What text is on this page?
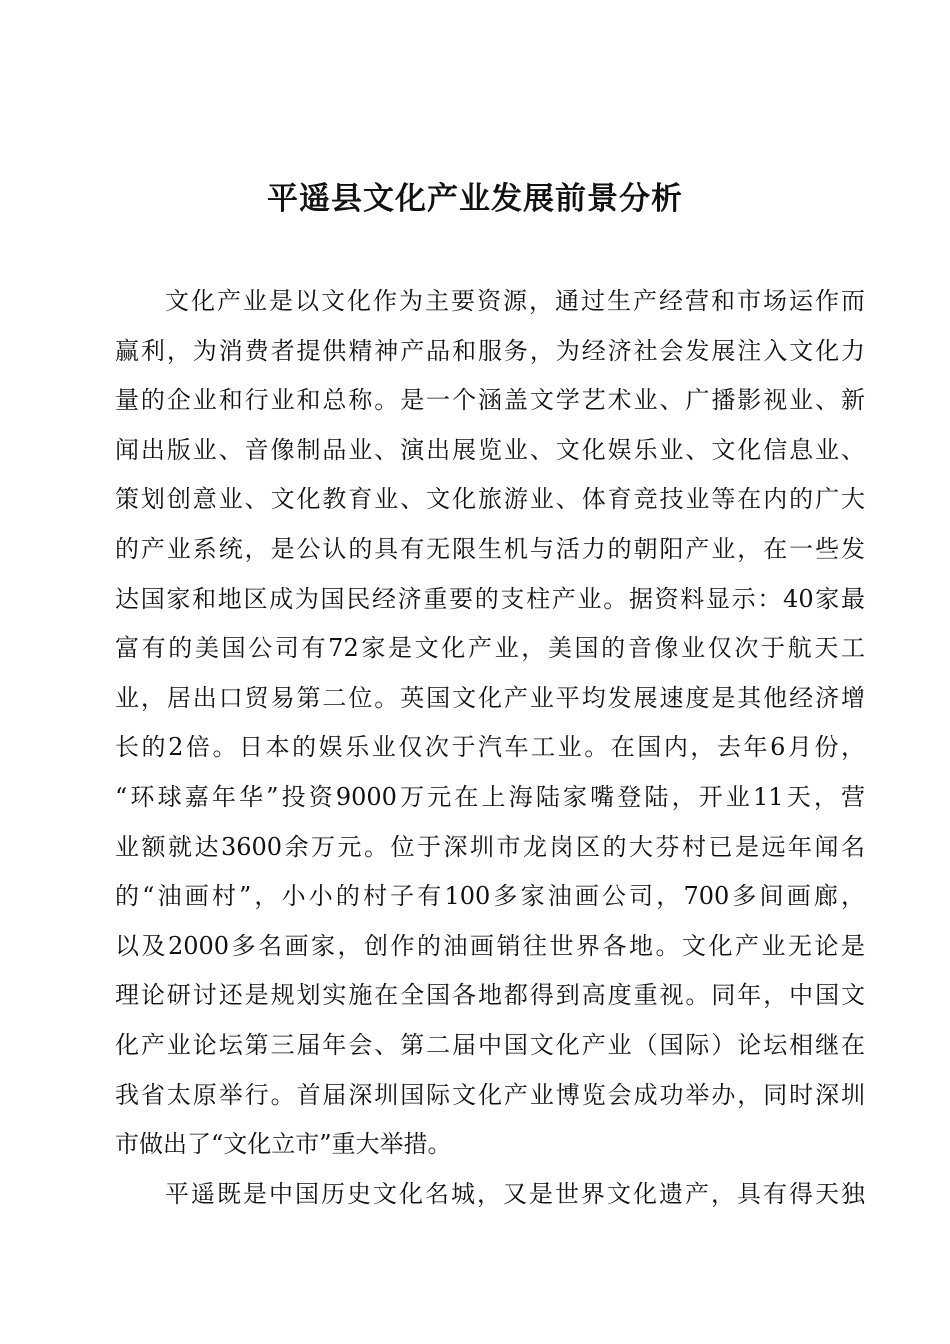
平遥县文化产业发展前景分析
文化产业是以文化作为主要资源，通过生产经营和市场运作而
赢利，为消费者提供精神产品和服务，为经济社会发展注入文化力
量的企业和行业和总称。是一个涵盖文学艺术业、广播影视业、新
闻出版业、音像制品业、演出展览业、文化娱乐业、文化信息业、
策划创意业、文化教育业、文化旅游业、体育竞技业等在内的广大
的产业系统，是公认的具有无限生机与活力的朝阳产业，在一些发
达国家和地区成为国民经济重要的支柱产业。据资料显示：40家最
富有的美国公司有72家是文化产业，美国的音像业仅次于航天工
业，居出口贸易第二位。英国文化产业平均发展速度是其他经济增
长的2倍。日本的娱乐业仅次于汽车工业。在国内，去年6月份，
“环球嘉年华”投资9000万元在上海陆家嘴登陆，开业11天，营
业额就达3600余万元。位于深圳市龙岗区的大芬村已是远年闻名
的“油画村”，小小的村子有100多家油画公司，700多间画廊，
以及2000多名画家，创作的油画销往世界各地。文化产业无论是
理论研讨还是规划实施在全国各地都得到高度重视。同年，中国文
化产业论坛第三届年会、第二届中国文化产业（国际）论坛相继在
我省太原举行。首届深圳国际文化产业博览会成功举办，同时深圳
市做出了“文化立市”重大举措。
平遥既是中国历史文化名城，又是世界文化遗产，具有得天独
